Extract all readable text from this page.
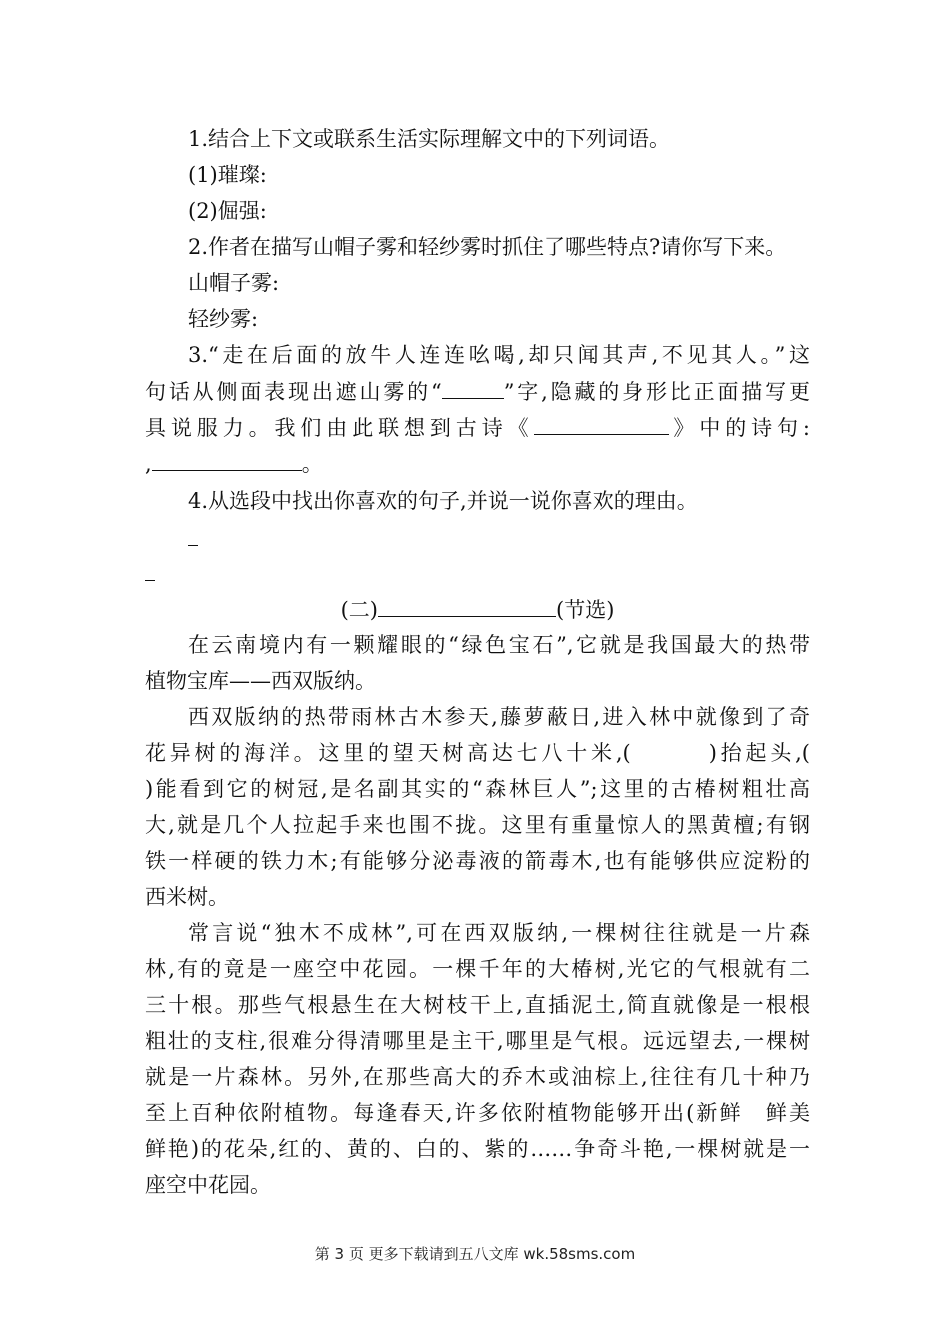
1.结合上下文或联系生活实际理解文中的下列词语。
(1)璀璨:
(2)倔强:
2.作者在描写山帽子雾和轻纱雾时抓住了哪些特点?请你写下来。
山帽子雾:
轻纱雾:
3.“走在后面的放牛人连连吆喝,却只闻其声,不见其人。”这
句话从侧面表现出遮山雾的“	”字,隐藏的身形比正面描写更
具说服力。我们由此联想到古诗《	》中的诗句:
,	。
4.从选段中找出你喜欢的句子,并说一说你喜欢的理由。
(二)	(节选)
在云南境内有一颗耀眼的“绿色宝石”,它就是我国最大的热带
植物宝库——西双版纳。
西双版纳的热带雨林古木参天,藤萝蔽日,进入林中就像到了奇
花异树的海洋。这里的望天树高达七八十米,(　　　)抬起头,(
)能看到它的树冠,是名副其实的“森林巨人”;这里的古椿树粗壮高
大,就是几个人拉起手来也围不拢。这里有重量惊人的黑黄檀;有钢
铁一样硬的铁力木;有能够分泌毒液的箭毒木,也有能够供应淀粉的
西米树。
常言说“独木不成林”,可在西双版纳,一棵树往往就是一片森
林,有的竟是一座空中花园。一棵千年的大椿树,光它的气根就有二
三十根。那些气根悬生在大树枝干上,直插泥土,简直就像是一根根
粗壮的支柱,很难分得清哪里是主干,哪里是气根。远远望去,一棵树
就是一片森林。另外,在那些高大的乔木或油棕上,往往有几十种乃
至上百种依附植物。每逢春天,许多依附植物能够开出(新鲜　鲜美
鲜艳)的花朵,红的、黄的、白的、紫的……争奇斗艳,一棵树就是一
座空中花园。
第 3 页 更多下载请到五八文库 wk.58sms.com
